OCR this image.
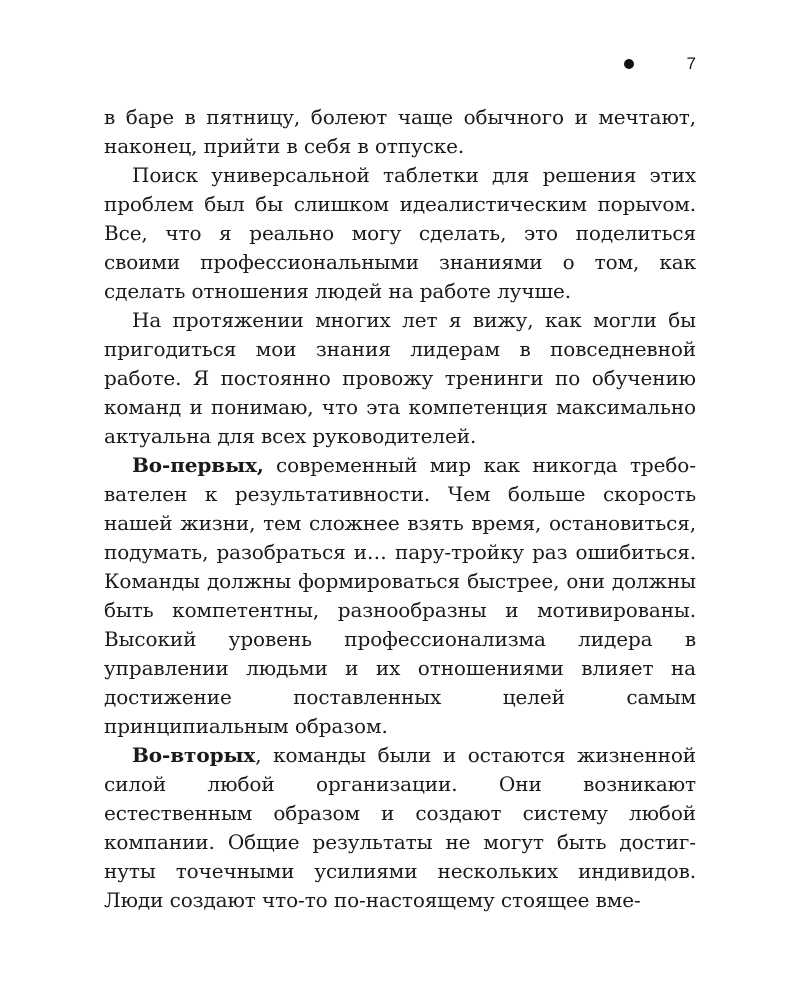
7

в баре в пятницу, болеют чаще обычного и мечтают, наконец, прийти в себя в отпуске.

Поиск универсальной таблетки для решения этих проблем был бы слишком идеалистическим порыvом. Все, что я реально могу сделать, это поделиться своими профессиональными знаниями о том, как сделать отношения людей на работе лучше.

На протяжении многих лет я вижу, как могли бы пригодиться мои знания лидерам в повседневной работе. Я постоянно провожу тренинги по обучению команд и понимаю, что эта компетенция максимально актуальна для всех руководителей.

Во-первых, современный мир как никогда требователен к результативности. Чем больше скорость нашей жизни, тем сложнее взять время, остановиться, подумать, разобраться и… пару-тройку раз ошибиться. Команды должны формироваться быстрее, они должны быть компетентны, разнообразны и мотивированы. Высокий уровень профессионализма лидера в управлении людьми и их отношениями влияет на достижение поставленных целей самым принципиальным образом.

Во-вторых, команды были и остаются жизненной силой любой организации. Они возникают естественным образом и создают систему любой компании. Общие результаты не могут быть достигнуты точечными усилиями нескольких индивидов. Люди создают что-то по-настоящему стоящее вме-
